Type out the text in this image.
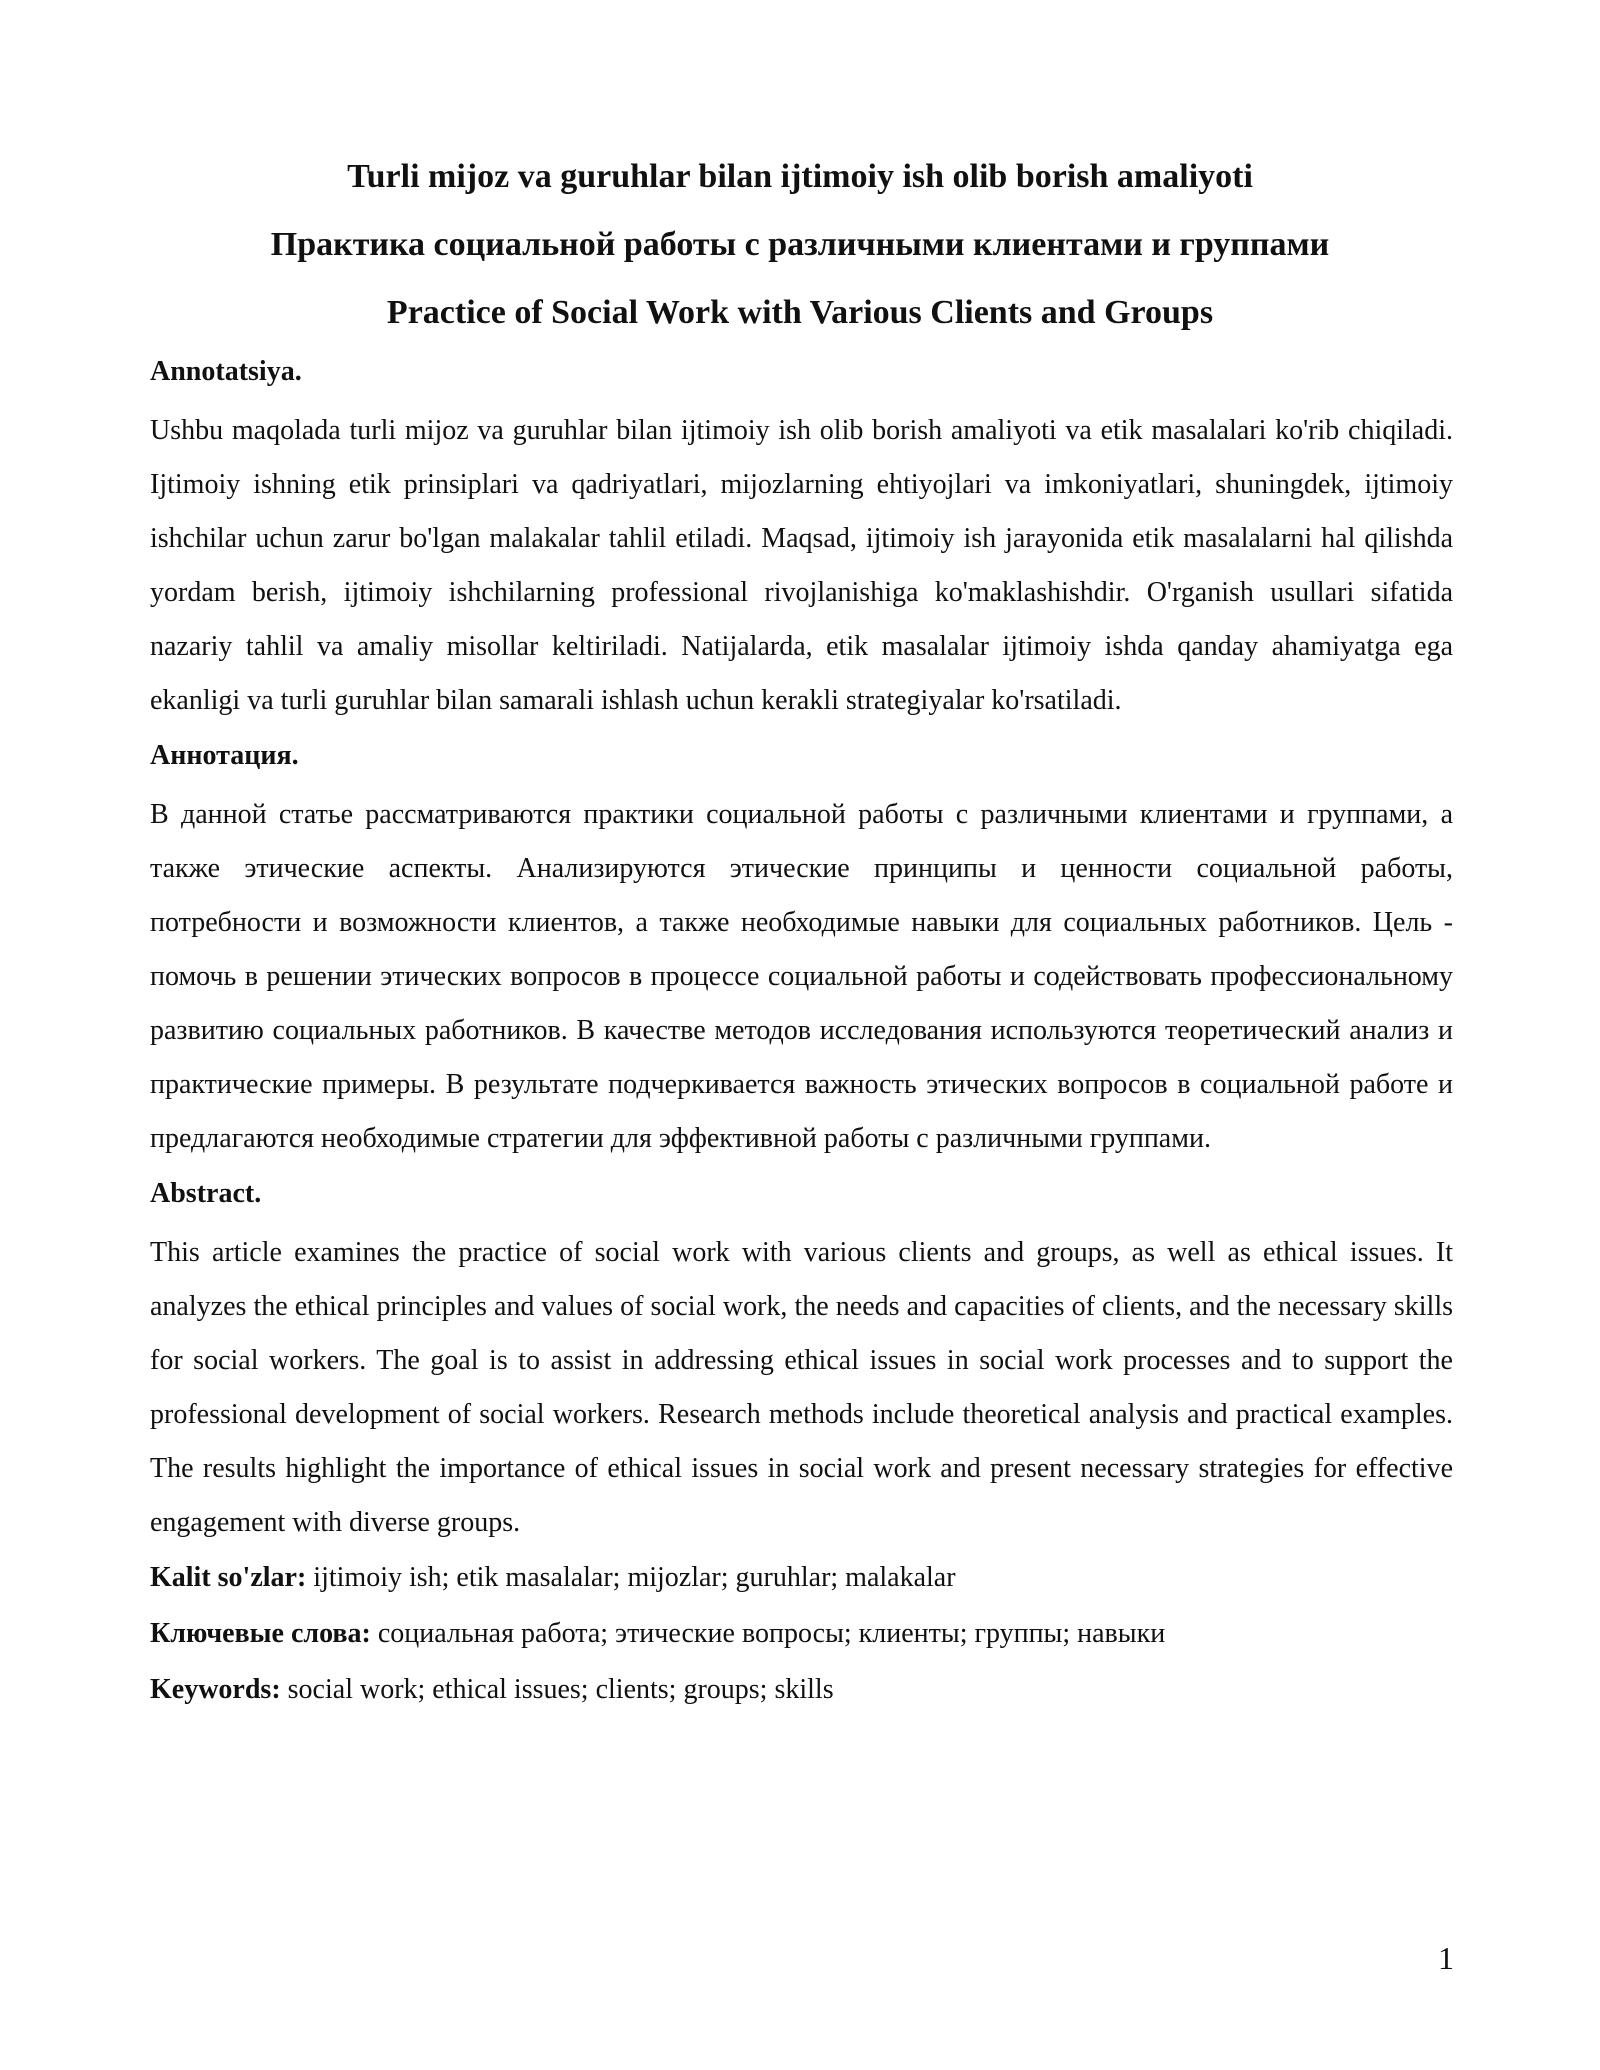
Turli mijoz va guruhlar bilan ijtimoiy ish olib borish amaliyoti

Практика социальной работы с различными клиентами и группами

Practice of Social Work with Various Clients and Groups

Annotatsiya.

Ushbu maqolada turli mijoz va guruhlar bilan ijtimoiy ish olib borish amaliyoti va etik masalalari ko'rib chiqiladi. Ijtimoiy ishning etik prinsiplari va qadriyatlari, mijozlarning ehtiyojlari va imkoniyatlari, shuningdek, ijtimoiy ishchilar uchun zarur bo'lgan malakalar tahlil etiladi. Maqsad, ijtimoiy ish jarayonida etik masalalarni hal qilishda yordam berish, ijtimoiy ishchilarning professional rivojlanishiga ko'maklashishdir. O'rganish usullari sifatida nazariy tahlil va amaliy misollar keltiriladi. Natijalarda, etik masalalar ijtimoiy ishda qanday ahamiyatga ega ekanligi va turli guruhlar bilan samarali ishlash uchun kerakli strategiyalar ko'rsatiladi.

Аннотация.

В данной статье рассматриваются практики социальной работы с различными клиентами и группами, а также этические аспекты. Анализируются этические принципы и ценности социальной работы, потребности и возможности клиентов, а также необходимые навыки для социальных работников. Цель - помочь в решении этических вопросов в процессе социальной работы и содействовать профессиональному развитию социальных работников. В качестве методов исследования используются теоретический анализ и практические примеры. В результате подчеркивается важность этических вопросов в социальной работе и предлагаются необходимые стратегии для эффективной работы с различными группами.

Abstract.

This article examines the practice of social work with various clients and groups, as well as ethical issues. It analyzes the ethical principles and values of social work, the needs and capacities of clients, and the necessary skills for social workers. The goal is to assist in addressing ethical issues in social work processes and to support the professional development of social workers. Research methods include theoretical analysis and practical examples. The results highlight the importance of ethical issues in social work and present necessary strategies for effective engagement with diverse groups.

Kalit so'zlar: ijtimoiy ish; etik masalalar; mijozlar; guruhlar; malakalar

Ключевые слова: социальная работа; этические вопросы; клиенты; группы; навыки

Keywords: social work; ethical issues; clients; groups; skills

1
